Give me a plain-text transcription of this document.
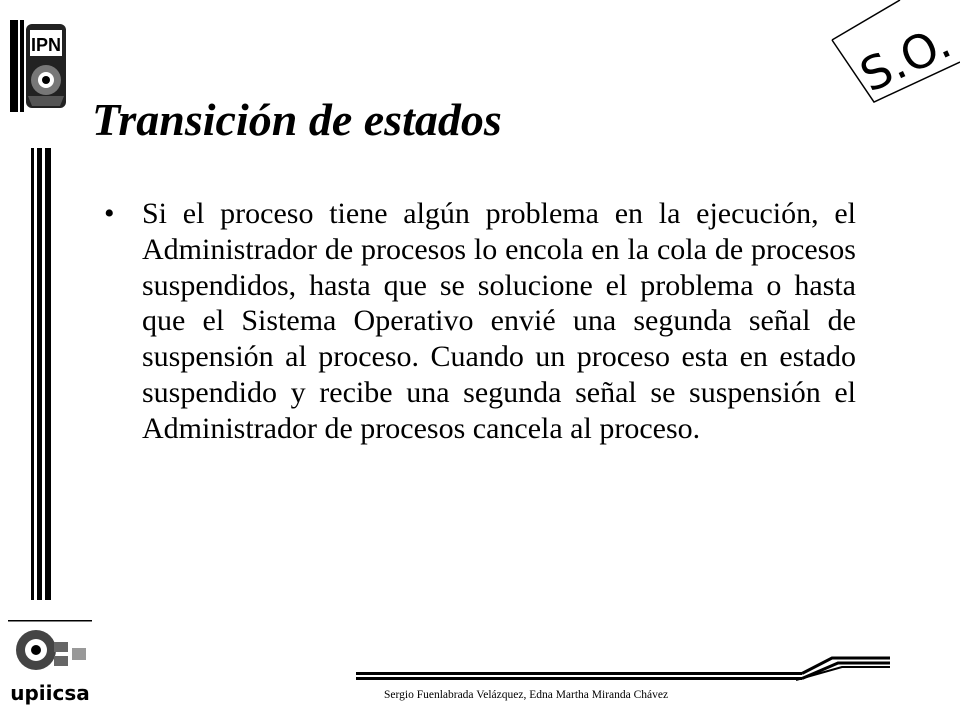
IPN	S.O.
Transición de estados
• Si el proceso tiene algún problema en la ejecución, el Administrador de procesos lo encola en la cola de procesos suspendidos, hasta que se solucione el problema o hasta que el Sistema Operativo envié una segunda señal de suspensión al proceso. Cuando un proceso esta en estado suspendido y recibe una segunda señal se suspensión el Administrador de procesos cancela al proceso.

upiicsa	Sergio Fuenlabrada Velázquez, Edna Martha Miranda Chávez
